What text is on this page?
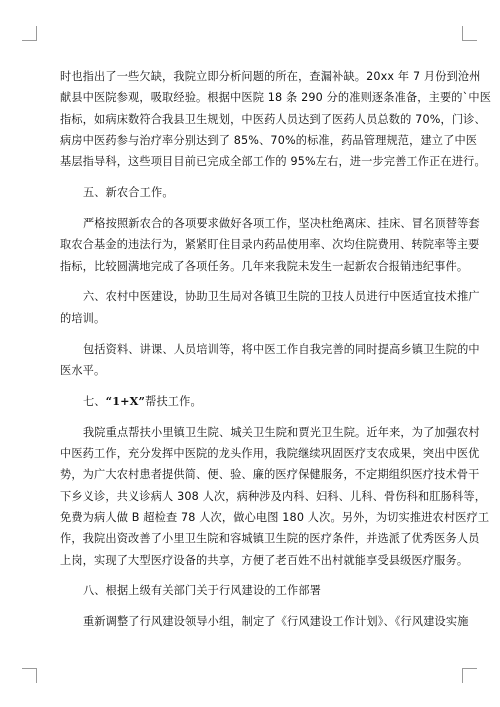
时也指出了一些欠缺，我院立即分析问题的所在，查漏补缺。20xx 年 7 月份到沧州
献县中医院参观，吸取经验。根据中医院 18 条 290 分的准则逐条准备，主要的`中医
指标，如病床数符合我县卫生规划，中医药人员达到了医药人员总数的 70%，门诊、
病房中医药参与治疗率分别达到了 85%、70%的标准，药品管理规范，建立了中医
基层指导科，这些项目目前已完成全部工作的 95%左右，进一步完善工作正在进行。

五、新农合工作。

严格按照新农合的各项要求做好各项工作，坚决杜绝离床、挂床、冒名顶替等套
取农合基金的违法行为，紧紧盯住目录内药品使用率、次均住院费用、转院率等主要
指标，比较圆满地完成了各项任务。几年来我院未发生一起新农合报销违纪事件。

六、农村中医建设，协助卫生局对各镇卫生院的卫技人员进行中医适宜技术推广
的培训。

包括资料、讲课、人员培训等，将中医工作自我完善的同时提高乡镇卫生院的中
医水平。

七、“1+X”帮扶工作。

我院重点帮扶小里镇卫生院、城关卫生院和贾光卫生院。近年来，为了加强农村
中医药工作，充分发挥中医院的龙头作用，我院继续巩固医疗支农成果，突出中医优
势，为广大农村患者提供简、便、验、廉的医疗保健服务，不定期组织医疗技术骨干
下乡义诊，共义诊病人 308 人次，病种涉及内科、妇科、儿科、骨伤科和肛肠科等，
免费为病人做 B 超检查 78 人次，做心电图 180 人次。另外，为切实推进农村医疗工
作，我院出资改善了小里卫生院和容城镇卫生院的医疗条件，并选派了优秀医务人员
上岗，实现了大型医疗设备的共享，方便了老百姓不出村就能享受县级医疗服务。

八、根据上级有关部门关于行风建设的工作部署

重新调整了行风建设领导小组，制定了《行风建设工作计划》、《行风建设实施
